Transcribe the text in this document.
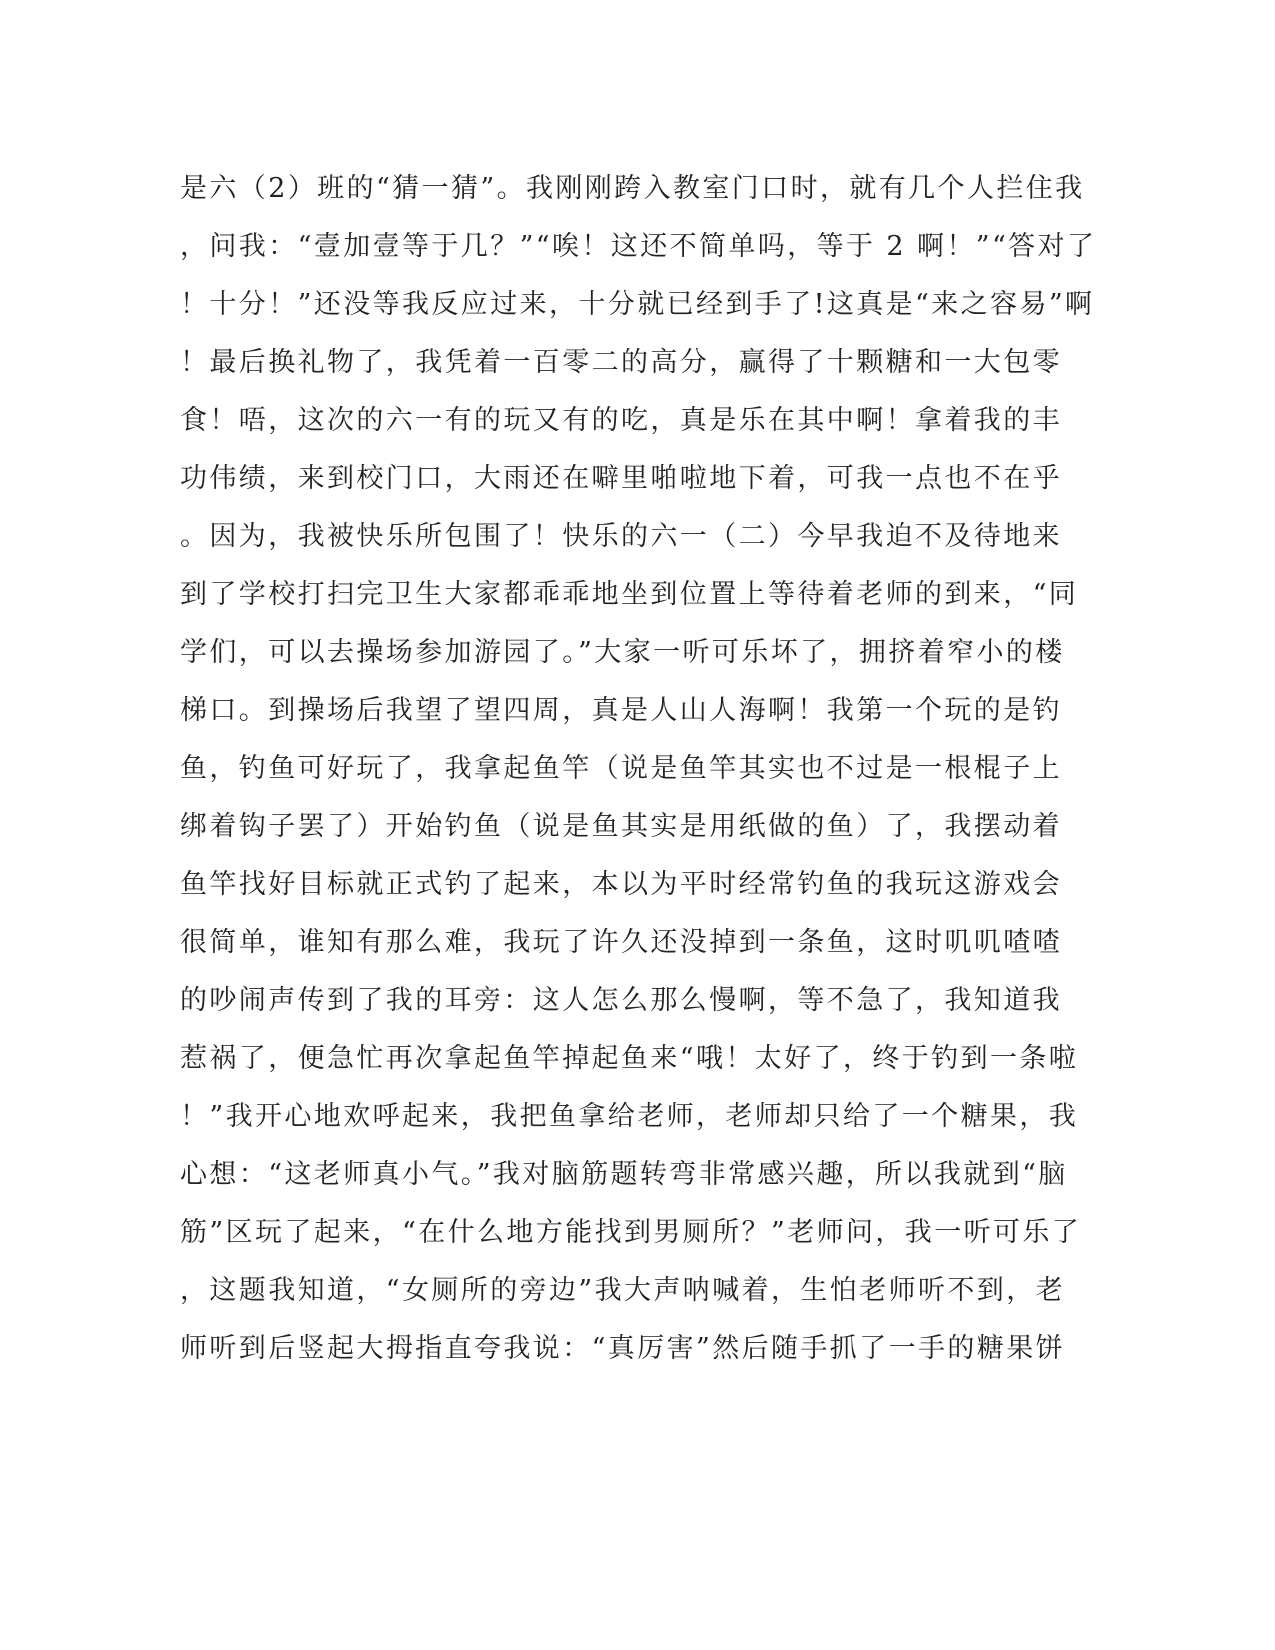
是六（2）班的“猜一猜”。我刚刚跨入教室门口时，就有几个人拦住我
，问我：“壹加壹等于几？”“唉！这还不简单吗，等于 2 啊！”“答对了
！十分！”还没等我反应过来，十分就已经到手了!这真是“来之容易”啊
！最后换礼物了，我凭着一百零二的高分，赢得了十颗糖和一大包零
食！唔，这次的六一有的玩又有的吃，真是乐在其中啊！拿着我的丰
功伟绩，来到校门口，大雨还在噼里啪啦地下着，可我一点也不在乎
。因为，我被快乐所包围了！快乐的六一（二）今早我迫不及待地来
到了学校打扫完卫生大家都乖乖地坐到位置上等待着老师的到来，“同
学们，可以去操场参加游园了。”大家一听可乐坏了，拥挤着窄小的楼
梯口。到操场后我望了望四周，真是人山人海啊！我第一个玩的是钓
鱼，钓鱼可好玩了，我拿起鱼竿（说是鱼竿其实也不过是一根棍子上
绑着钩子罢了）开始钓鱼（说是鱼其实是用纸做的鱼）了，我摆动着
鱼竿找好目标就正式钓了起来，本以为平时经常钓鱼的我玩这游戏会
很简单，谁知有那么难，我玩了许久还没掉到一条鱼，这时叽叽喳喳
的吵闹声传到了我的耳旁：这人怎么那么慢啊，等不急了，我知道我
惹祸了，便急忙再次拿起鱼竿掉起鱼来“哦！太好了，终于钓到一条啦
！”我开心地欢呼起来，我把鱼拿给老师，老师却只给了一个糖果，我
心想：“这老师真小气。”我对脑筋题转弯非常感兴趣，所以我就到“脑
筋”区玩了起来，“在什么地方能找到男厕所？”老师问，我一听可乐了
，这题我知道，“女厕所的旁边”我大声呐喊着，生怕老师听不到，老
师听到后竖起大拇指直夸我说：“真厉害”然后随手抓了一手的糖果饼
